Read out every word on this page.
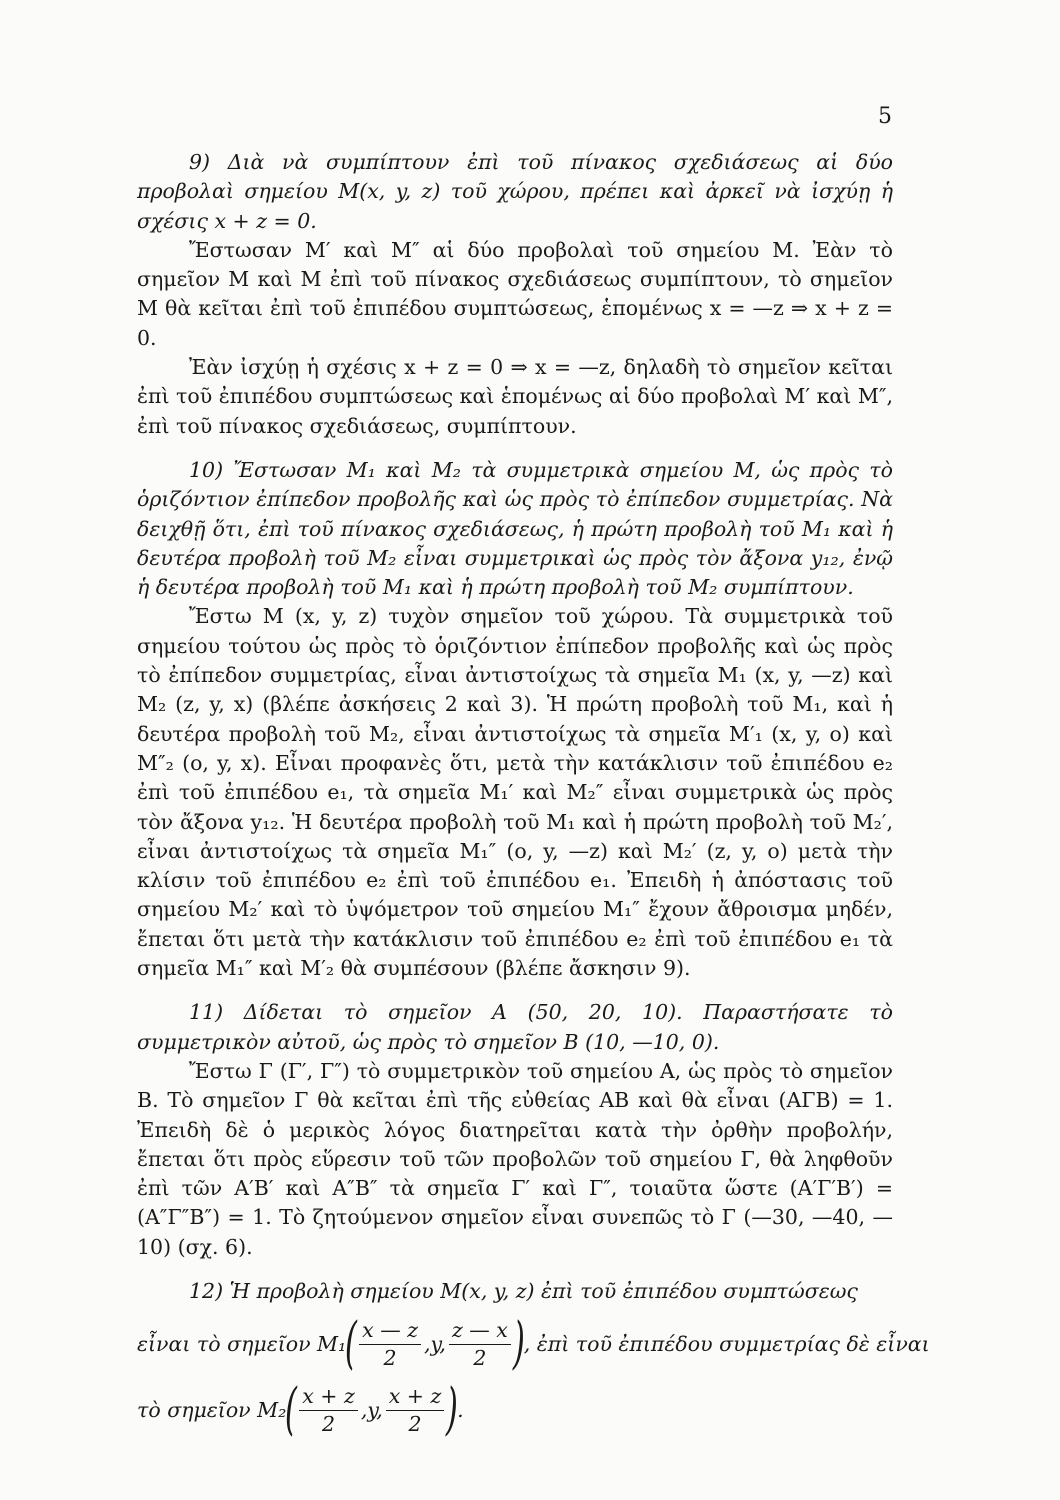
5

9) Διὰ νὰ συμπίπτουν ἐπὶ τοῦ πίνακος σχεδιάσεως αἱ δύο προβολαὶ σημείου M(x, y, z) τοῦ χώρου, πρέπει καὶ ἀρκεῖ νὰ ἰσχύῃ ἡ σχέσις x + z = 0.

Ἔστωσαν M′ καὶ M″ αἱ δύο προβολαὶ τοῦ σημείου Μ. Ἐὰν τὸ σημεῖον Μ καὶ Μ ἐπὶ τοῦ πίνακος σχεδιάσεως συμπίπτουν, τὸ σημεῖον Μ θὰ κεῖται ἐπὶ τοῦ ἐπιπέδου συμπτώσεως, ἑπομένως x = —z ⇒ x + z = 0.

Ἐὰν ἰσχύῃ ἡ σχέσις x + z = 0 ⇒ x = —z, δηλαδὴ τὸ σημεῖον κεῖται ἐπὶ τοῦ ἐπιπέδου συμπτώσεως καὶ ἑπομένως αἱ δύο προβολαὶ M′ καὶ M″, ἐπὶ τοῦ πίνακος σχεδιάσεως, συμπίπτουν.

10) Ἔστωσαν M₁ καὶ M₂ τὰ συμμετρικὰ σημείου Μ, ὡς πρὸς τὸ ὁριζόντιον ἐπίπεδον προβολῆς καὶ ὡς πρὸς τὸ ἐπίπεδον συμμετρίας. Νὰ δειχθῇ ὅτι, ἐπὶ τοῦ πίνακος σχεδιάσεως, ἡ πρώτη προβολὴ τοῦ M₁ καὶ ἡ δευτέρα προβολὴ τοῦ M₂ εἶναι συμμετρικαὶ ὡς πρὸς τὸν ἄξονα y₁₂, ἐνῷ ἡ δευτέρα προβολὴ τοῦ M₁ καὶ ἡ πρώτη προβολὴ τοῦ M₂ συμπίπτουν.

Ἔστω Μ (x, y, z) τυχὸν σημεῖον τοῦ χώρου. Τὰ συμμετρικὰ τοῦ σημείου τούτου ὡς πρὸς τὸ ὁριζόντιον ἐπίπεδον προβολῆς καὶ ὡς πρὸς τὸ ἐπίπεδον συμμετρίας, εἶναι ἀντιστοίχως τὰ σημεῖα M₁ (x, y, —z) καὶ M₂ (z, y, x) (βλέπε ἀσκήσεις 2 καὶ 3). Ἡ πρώτη προβολὴ τοῦ M₁, καὶ ἡ δευτέρα προβολὴ τοῦ M₂, εἶναι ἀντιστοίχως τὰ σημεῖα M′₁ (x, y, o) καὶ M″₂ (o, y, x). Εἶναι προφανὲς ὅτι, μετὰ τὴν κατάκλισιν τοῦ ἐπιπέδου e₂ ἐπὶ τοῦ ἐπιπέδου e₁, τὰ σημεῖα M₁′ καὶ M₂″ εἶναι συμμετρικὰ ὡς πρὸς τὸν ἄξονα y₁₂. Ἡ δευτέρα προβολὴ τοῦ M₁ καὶ ἡ πρώτη προβολὴ τοῦ M₂′, εἶναι ἀντιστοίχως τὰ σημεῖα M₁″ (o, y, —z) καὶ M₂′ (z, y, o) μετὰ τὴν κλίσιν τοῦ ἐπιπέδου e₂ ἐπὶ τοῦ ἐπιπέδου e₁. Ἐπειδὴ ἡ ἀπόστασις τοῦ σημείου M₂′ καὶ τὸ ὑψόμετρον τοῦ σημείου M₁″ ἔχουν ἄθροισμα μηδέν, ἔπεται ὅτι μετὰ τὴν κατάκλισιν τοῦ ἐπιπέδου e₂ ἐπὶ τοῦ ἐπιπέδου e₁ τὰ σημεῖα M₁″ καὶ M′₂ θὰ συμπέσουν (βλέπε ἄσκησιν 9).

11) Δίδεται τὸ σημεῖον Α (50, 20, 10). Παραστήσατε τὸ συμμετρικὸν αὐτοῦ, ὡς πρὸς τὸ σημεῖον Β (10, —10, 0).

Ἔστω Γ (Γ′, Γ″) τὸ συμμετρικὸν τοῦ σημείου Α, ὡς πρὸς τὸ σημεῖον Β. Τὸ σημεῖον Γ θὰ κεῖται ἐπὶ τῆς εὐθείας ΑΒ καὶ θὰ εἶναι (ΑΓΒ) = 1. Ἐπειδὴ δὲ ὁ μερικὸς λόγος διατηρεῖται κατὰ τὴν ὀρθὴν προβολήν, ἔπεται ὅτι πρὸς εὕρεσιν τοῦ τῶν προβολῶν τοῦ σημείου Γ, θὰ ληφθοῦν ἐπὶ τῶν Α′Β′ καὶ Α″Β″ τὰ σημεῖα Γ′ καὶ Γ″, τοιαῦτα ὥστε (Α′Γ′Β′) = (Α″Γ″Β″) = 1. Τὸ ζητούμενον σημεῖον εἶναι συνεπῶς τὸ Γ (—30, —40, —10) (σχ. 6).

12) Ἡ προβολὴ σημείου M(x, y, z) ἐπὶ τοῦ ἐπιπέδου συμπτώσεως

εἶναι τὸ σημεῖον M₁
( $\frac{x — z}{2} ,y$, $\frac{z — x}{2}$ )
, ἐπὶ τοῦ ἐπιπέδου συμμετρίας δὲ εἶναι
τὸ σημεῖον M₂
( $\frac{x + z}{2} ,y$, $\frac{x + z}{2}$ )
.
